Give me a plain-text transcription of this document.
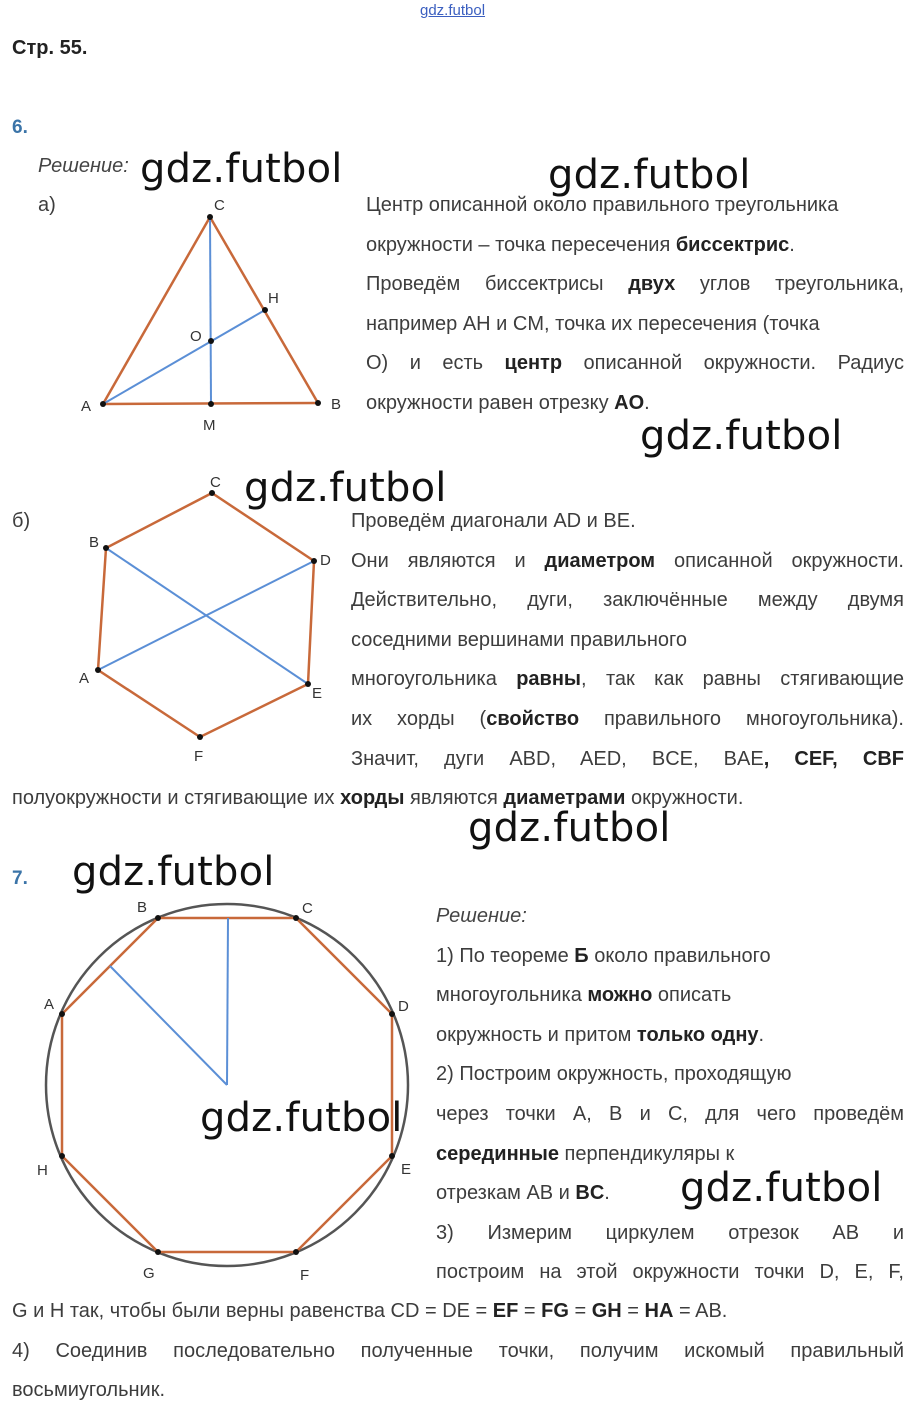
gdz.futbol
Стр. 55.
6.
Решение:
а)
gdz.futbol	gdz.futbol
C
H
O
A
M
B
Центр описанной около правильного треугольника
окружности – точка пересечения биссектрис.
Проведём биссектрисы двух углов треугольника,
например AH и CM, точка их пересечения (точка
O) и есть центр описанной окружности. Радиус
окружности равен отрезку AO.
gdz.futbol
gdz.futbol
б)
C
B
D
A
E
F
Проведём диагонали AD и BE.
Они являются и диаметром описанной окружности.
Действительно, дуги, заключённые между двумя
соседними вершинами правильного
многоугольника равны, так как равны стягивающие
их хорды (свойство правильного многоугольника).
Значит, дуги ABD, AED, BCE, BAE, CEF, CBF
полуокружности и стягивающие их хорды являются диаметрами окружности.
gdz.futbol
7. gdz.futbol
B	C
A	D
H	E
G	F
gdz.futbol
Решение:
1) По теореме Б около правильного
многоугольника можно описать
окружность и притом только одну.
2) Построим окружность, проходящую
через точки A, B и C, для чего проведём
серединные перпендикуляры к
отрезкам AB и BC.
3) Измерим циркулем отрезок AB и
построим на этой окружности точки D, E, F,
gdz.futbol
G и H так, чтобы были верны равенства CD = DE = EF = FG = GH = HA = AB.
4) Соединив последовательно полученные точки, получим искомый правильный
восьмиугольник.
